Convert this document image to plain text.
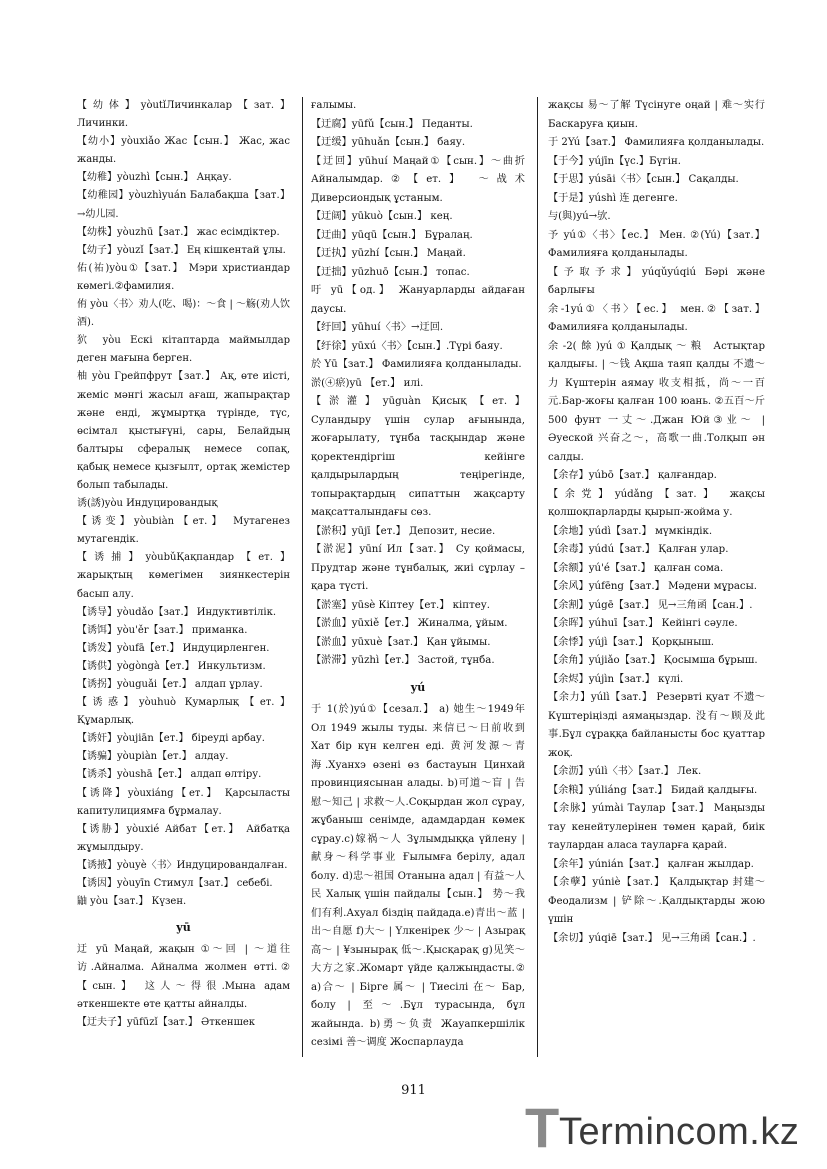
【幼体】yòutǐЛичинкалар【зат.】 Личинки.

【幼小】yòuxiǎo Жас【сын.】 Жас, жас жанды.

【幼稚】yòuzhì【сын.】 Аңқау.

【幼稚园】yòuzhìyuán Балабақша【зат.】→幼儿园.

【幼株】yòuzhū【зат.】 жас есімдіктер.

【幼子】yòuzǐ【зат.】 Ең кішкентай ұлы.

佑(祐)yòu①【зат.】 Мэри христиандар көмегі.②фамилия.

侑 yòu〈书〉劝人(吃、喝)：～食 | ～觞(劝人饮酒).

狖 yòu Ескі кітаптарда маймылдар деген мағына берген.

柚 yòu Грейпфрут【зат.】 Ақ, өте иісті, жеміс мәнгі жасыл ағаш, жапырақтар және енді, жұмыртқа түрінде, түс, өсімтал қыстығүні, сары, Белайдың балтыры сфералық немесе сопақ, қабық немесе қызғылт, ортақ жемістер болып табылады.

诱(誘)yòu Индуцировандық

【诱变】yòubiàn【ет.】 Мутагенез мутагендік.

【诱捕】yòubǔҚақпандар【ет.】 жарықтың көмегімен зиянкестерін басып алу.

【诱导】yòudǎo【зат.】 Индуктивтілік.

【诱饵】yòu'ěr【зат.】 приманка.

【诱发】yòufā【ет.】 Индуцирленген.

【诱供】yògòngà【ет.】 Инкультизм.

【诱拐】yòuguǎi【ет.】 алдап ұрлау.

【诱惑】yòuhuò Қумарлық【ет.】 Құмарлық.

【诱奸】yòujiān【ет.】 біреуді арбау.

【诱骗】yòupiàn【ет.】 алдау.

【诱杀】yòushā【ет.】 алдап өлтіру.

【诱降】yòuxiáng【ет.】 Қарсыласты капитулициямға бұрмалау.

【诱胁】yòuxié Айбат【ет.】 Айбатқа жұмылдыру.

【诱掖】yòuyè〈书〉Индуцировандалған.

【诱因】yòuyīn Стимул【зат.】 себебі.

鼬 yòu【зат.】 Күзен.

yū

迂 yū Маңай, жақын ①～回 | ～道往访.Айналма. Айналма жолмен өтті.②【сын.】 这人～得很.Мына адам әткеншекте өте қатты айналды.

【迂夫子】yūfūzǐ【зат.】 Әткеншек

ғалымы.

【迂腐】yūfǔ【сын.】 Педанты.

【迂缓】yūhuǎn【сын.】 баяу.

【迂回】yūhuí Маңай①【сын.】～曲折 Айналымдар.②【ет.】 ～战术 Диверсиондық ұстаным.

【迂阔】yūkuò【сын.】 кең.

【迂曲】yūqū【сын.】 Бұралаң.

【迂执】yūzhí【сын.】 Маңай.

【迂拙】yūzhuō【сын.】 топас.

吁 yū【од.】 Жануарларды айдаған даусы.

【纡回】yūhuí〈书〉→迂回.

【纡徐】yūxú〈书〉【сын.】.Түрі баяу.

於 Yū【зат.】 Фамилияға қолданылады.

淤(④瘀)yū 【ет.】 илі.

【淤灌】yūguàn Қисық【ет.】 Суландыру үшін сулар ағынында, жоғарылату, тұнба тасқындар және қоректендіргіш кейінге қалдырылардың теңірегінде, топырақтардың сипаттын жақсарту мақсатталындағы сөз.

【淤积】yūjī【ет.】 Депозит, несие.

【淤泥】yūní Ил【зат.】 Су қоймасы, Прудтар және тұнбалық, жиі сұрлау – қара түсті.

【淤塞】yūsè Кіптеу【ет.】 кіптеу.

【淤血】yūxiě【ет.】 Жиналма, ұйым.

【淤血】yūxuè【зат.】 Қан ұйымы.

【淤滞】yūzhì【ет.】 Застой, тұнба.

yú

于 1(於)yú①【сезал.】 a) 她生～1949年 Ол 1949 жылы туды. 来信已～日前收到 Хат бір күн келген еді. 黄河发源～青海.Хуанхэ өзені өз бастауын Цинхай провинциясынан алады. b)可道～盲 | 告慰～知己 | 求救～人.Соқырдан жол сұрау, жұбаныш сенімде, адамдардан көмек сұрау.c)嫁祸～人 Зұлымдыққа үйлену | 献身～科学事业 Ғылымға берілу, адал болу. d)忠～祖国 Отанына адал | 有益～人民 Халық үшін пайдалы【сын.】 势～我们有利.Ахуал біздің пайдада.e)青出～蓝 | 出～自愿 f)大～ | Үлкенірек 少～ | Азырақ 高～ | ¥зынырақ 低～.Қысқарақ g)见笑～大方之家.Жомарт үйде қалжыңдасты.② a)合～ | Бірге 属～ | Тиесілі 在～ Бар, болу | 至～.Бұл турасында, бұл жайында. b)勇～负责 Жауапкершілік сезімі 善～调度 Жоспарлауда

жақсы 易～了解 Түсінуге оңай | 难～实行 Баскаруға қиын.

于 2Yú【зат.】 Фамилияға қолданылады.

【于今】yújīn【үс.】Бүгін.

【于思】yúsāi〈书〉【сын.】 Сақалды.

【于是】yúshì 连 дегенге.

与(與)yú→欤.

予 yú①〈书〉【ес.】 Мен. ②(Yú)【зат.】 Фамилияға қолданылады.

【予取予求】yúqǔyúqiú Бәрі және барлығы

余-1yú①〈书〉【ес.】 мен.②【зат.】 Фамилияға қолданылады.

余-2(餘)yú①Қалдық～粮 Астықтар қалдығы. | ～钱 Ақша таяп қалды 不遗～力 Күштерін аямау 收支相抵，尚～一百元.Бар-жоғы қалған 100 юань. ②五百～斤 500 фунт 一丈～.Джан Юй③业～ | Әуеской 兴奋之～，高歌一曲.Толқып ән салды.

【余存】yúbō【зат.】 қалғандар.

【余党】yúdǎng【зат.】 жақсы қолшоқпарларды қырып-жойма у.

【余地】yúdì【зат.】 мүмкіндік.

【余毒】yúdú【зат.】 Қалған улар.

【余额】yú'é【зат.】 қалған сома.

【余风】yúfēng【зат.】 Мәдени мұрасы.

【余割】yúgē【зат.】 见→三角函【сан.】.

【余晖】yúhuī【зат.】 Кейінгі сәуле.

【余悸】yújì【зат.】 Қорқыныш.

【余角】yújiǎo【зат.】 Қосымша бұрыш.

【余烬】yújìn【зат.】 күлі.

【余力】yúlì【зат.】 Резервті қуат 不遗～ Күштеріңізді аямаңыздар. 没有～顾及此事.Бұл сұраққа байланысты бос қуаттар жоқ.

【余沥】yúlì〈书〉【зат.】 Лек.

【余粮】yúliáng【зат.】 Бидай қалдығы.

【余脉】yúmài Таулар【зат.】 Маңызды тау кенейтулерінен төмен қарай, биік таулардан аласа тауларға қарай.

【余年】yúnián【зат.】 қалған жылдар.

【余孽】yúniè【зат.】 Қалдықтар 封建～ Феодализм | 铲除～.Қалдықтарды жою үшін

【余切】yúqiē【зат.】 见→三角函【сан.】.

911
T Termincom.kz
